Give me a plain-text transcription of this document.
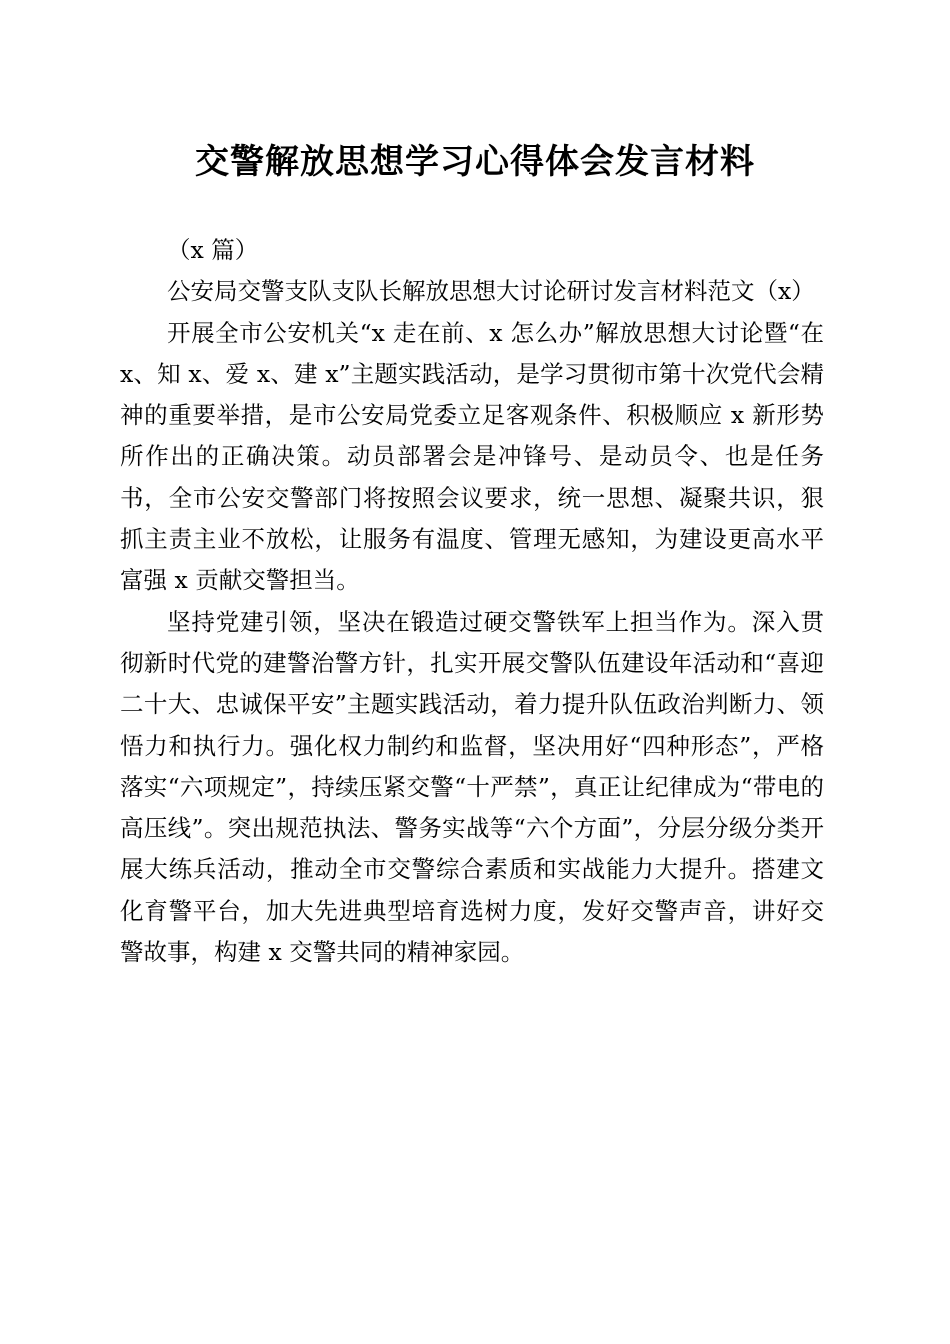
交警解放思想学习心得体会发言材料

（x 篇）

公安局交警支队支队长解放思想大讨论研讨发言材料范文（x）

开展全市公安机关“x 走在前、x 怎么办”解放思想大讨论暨“在 x、知 x、爱 x、建 x”主题实践活动，是学习贯彻市第十次党代会精神的重要举措，是市公安局党委立足客观条件、积极顺应 x 新形势所作出的正确决策。动员部署会是冲锋号、是动员令、也是任务书，全市公安交警部门将按照会议要求，统一思想、凝聚共识，狠抓主责主业不放松，让服务有温度、管理无感知，为建设更高水平富强 x 贡献交警担当。

坚持党建引领，坚决在锻造过硬交警铁军上担当作为。深入贯彻新时代党的建警治警方针，扎实开展交警队伍建设年活动和“喜迎二十大、忠诚保平安”主题实践活动，着力提升队伍政治判断力、领悟力和执行力。强化权力制约和监督，坚决用好“四种形态”，严格落实“六项规定”，持续压紧交警“十严禁”，真正让纪律成为“带电的高压线”。突出规范执法、警务实战等“六个方面”，分层分级分类开展大练兵活动，推动全市交警综合素质和实战能力大提升。搭建文化育警平台，加大先进典型培育选树力度，发好交警声音，讲好交警故事，构建 x 交警共同的精神家园。
